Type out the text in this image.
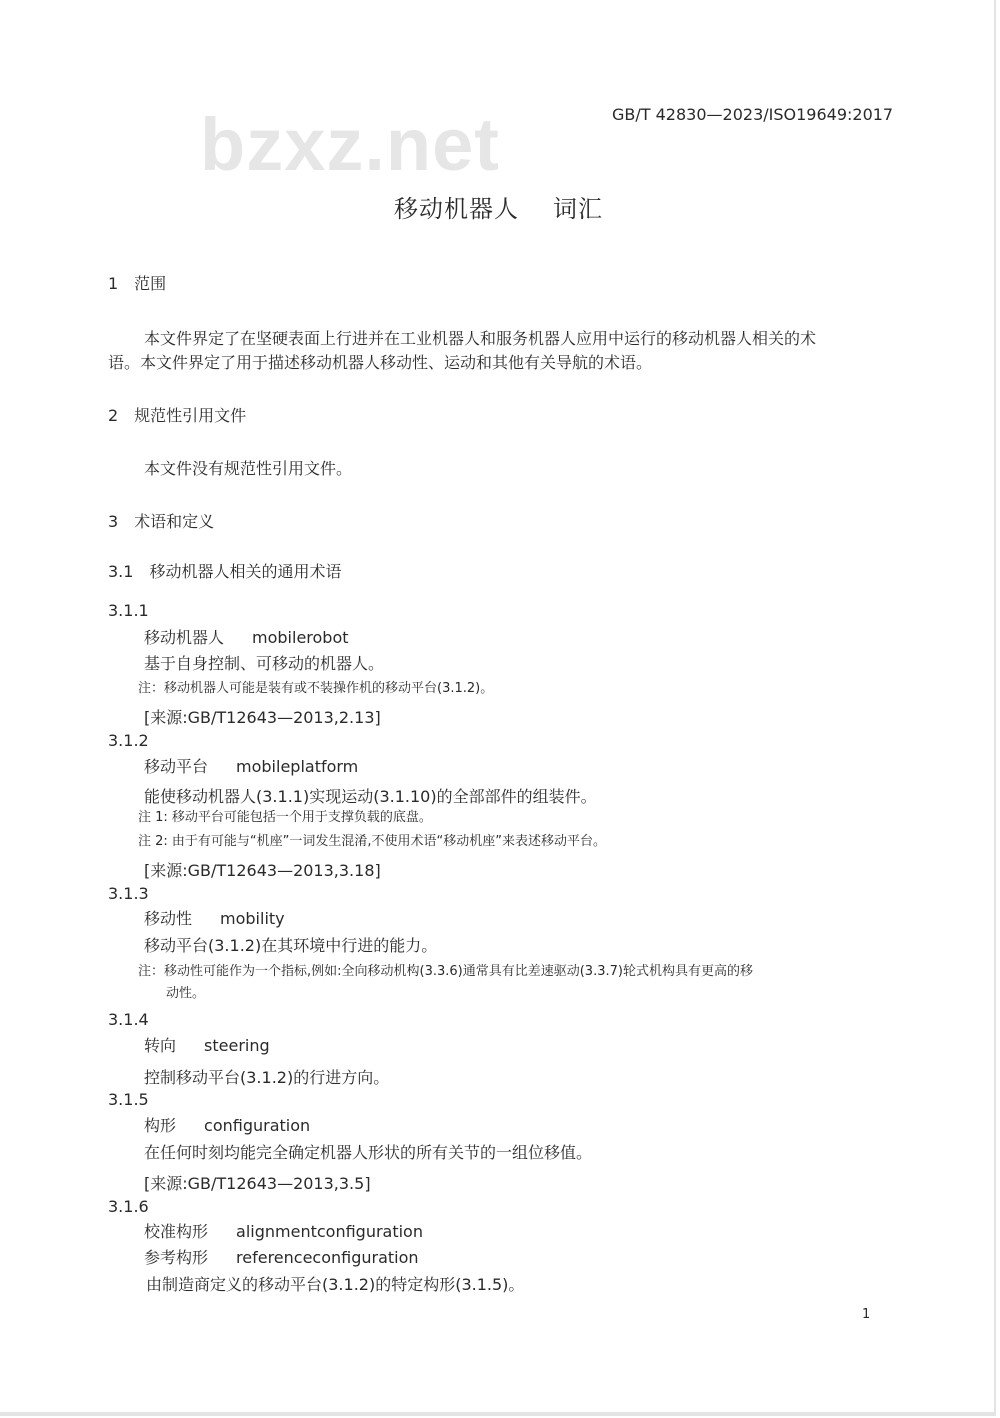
bzxz.net	GB/T 42830—2023/ISO19649:2017
移动机器人 词汇
1　范围
本文件界定了在坚硬表面上行进并在工业机器人和服务机器人应用中运行的移动机器人相关的术
语。本文件界定了用于描述移动机器人移动性、运动和其他有关导航的术语。
2　规范性引用文件
本文件没有规范性引用文件。
3　术语和定义
3.1　移动机器人相关的通用术语
3.1.1
移动机器人 mobilerobot
基于自身控制、可移动的机器人。
注：移动机器人可能是装有或不装操作机的移动平台(3.1.2)。
[来源:GB/T12643—2013,2.13]
3.1.2
移动平台 mobileplatform
能使移动机器人(3.1.1)实现运动(3.1.10)的全部部件的组装件。
注 1: 移动平台可能包括一个用于支撑负载的底盘。
注 2: 由于有可能与“机座”一词发生混淆,不使用术语“移动机座”来表述移动平台。
[来源:GB/T12643—2013,3.18]
3.1.3
移动性 mobility
移动平台(3.1.2)在其环境中行进的能力。
注：移动性可能作为一个指标,例如:全向移动机构(3.3.6)通常具有比差速驱动(3.3.7)轮式机构具有更高的移
动性。
3.1.4
转向 steering
控制移动平台(3.1.2)的行进方向。
3.1.5
构形 configuration
在任何时刻均能完全确定机器人形状的所有关节的一组位移值。
[来源:GB/T12643—2013,3.5]
3.1.6
校准构形 alignmentconfiguration
参考构形 referenceconfiguration
由制造商定义的移动平台(3.1.2)的特定构形(3.1.5)。
1
